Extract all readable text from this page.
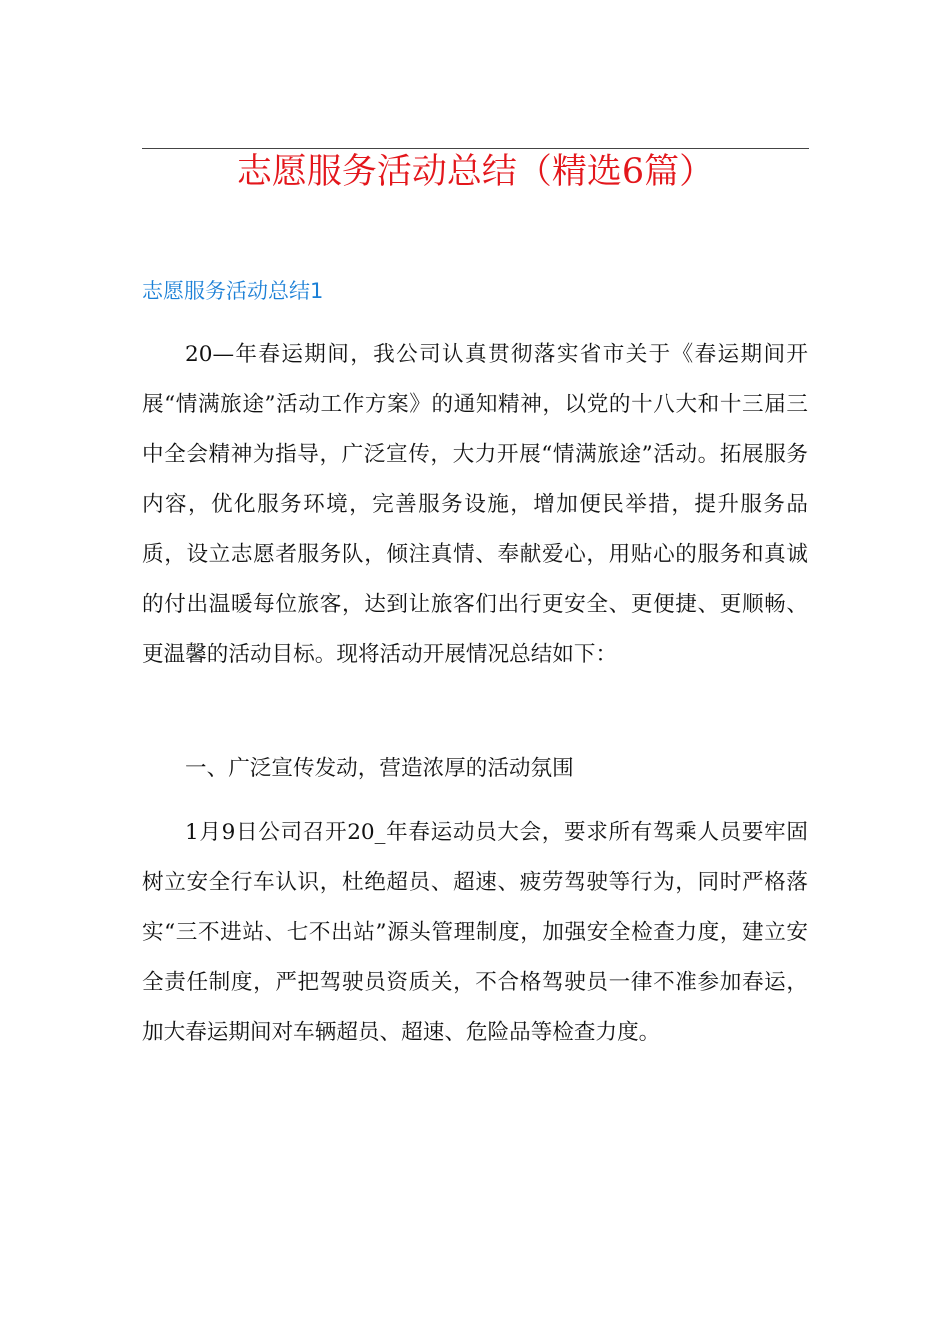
志愿服务活动总结（精选6篇）
志愿服务活动总结1

20—年春运期间，我公司认真贯彻落实省市关于《春运期间开展“情满旅途”活动工作方案》的通知精神，以党的十八大和十三届三中全会精神为指导，广泛宣传，大力开展“情满旅途”活动。拓展服务内容，优化服务环境，完善服务设施，增加便民举措，提升服务品质，设立志愿者服务队，倾注真情、奉献爱心，用贴心的服务和真诚的付出温暖每位旅客，达到让旅客们出行更安全、更便捷、更顺畅、更温馨的活动目标。现将活动开展情况总结如下：

一、广泛宣传发动，营造浓厚的活动氛围

1月9日公司召开20_年春运动员大会，要求所有驾乘人员要牢固树立安全行车认识，杜绝超员、超速、疲劳驾驶等行为，同时严格落实“三不进站、七不出站”源头管理制度，加强安全检查力度，建立安全责任制度，严把驾驶员资质关，不合格驾驶员一律不准参加春运，加大春运期间对车辆超员、超速、危险品等检查力度。
